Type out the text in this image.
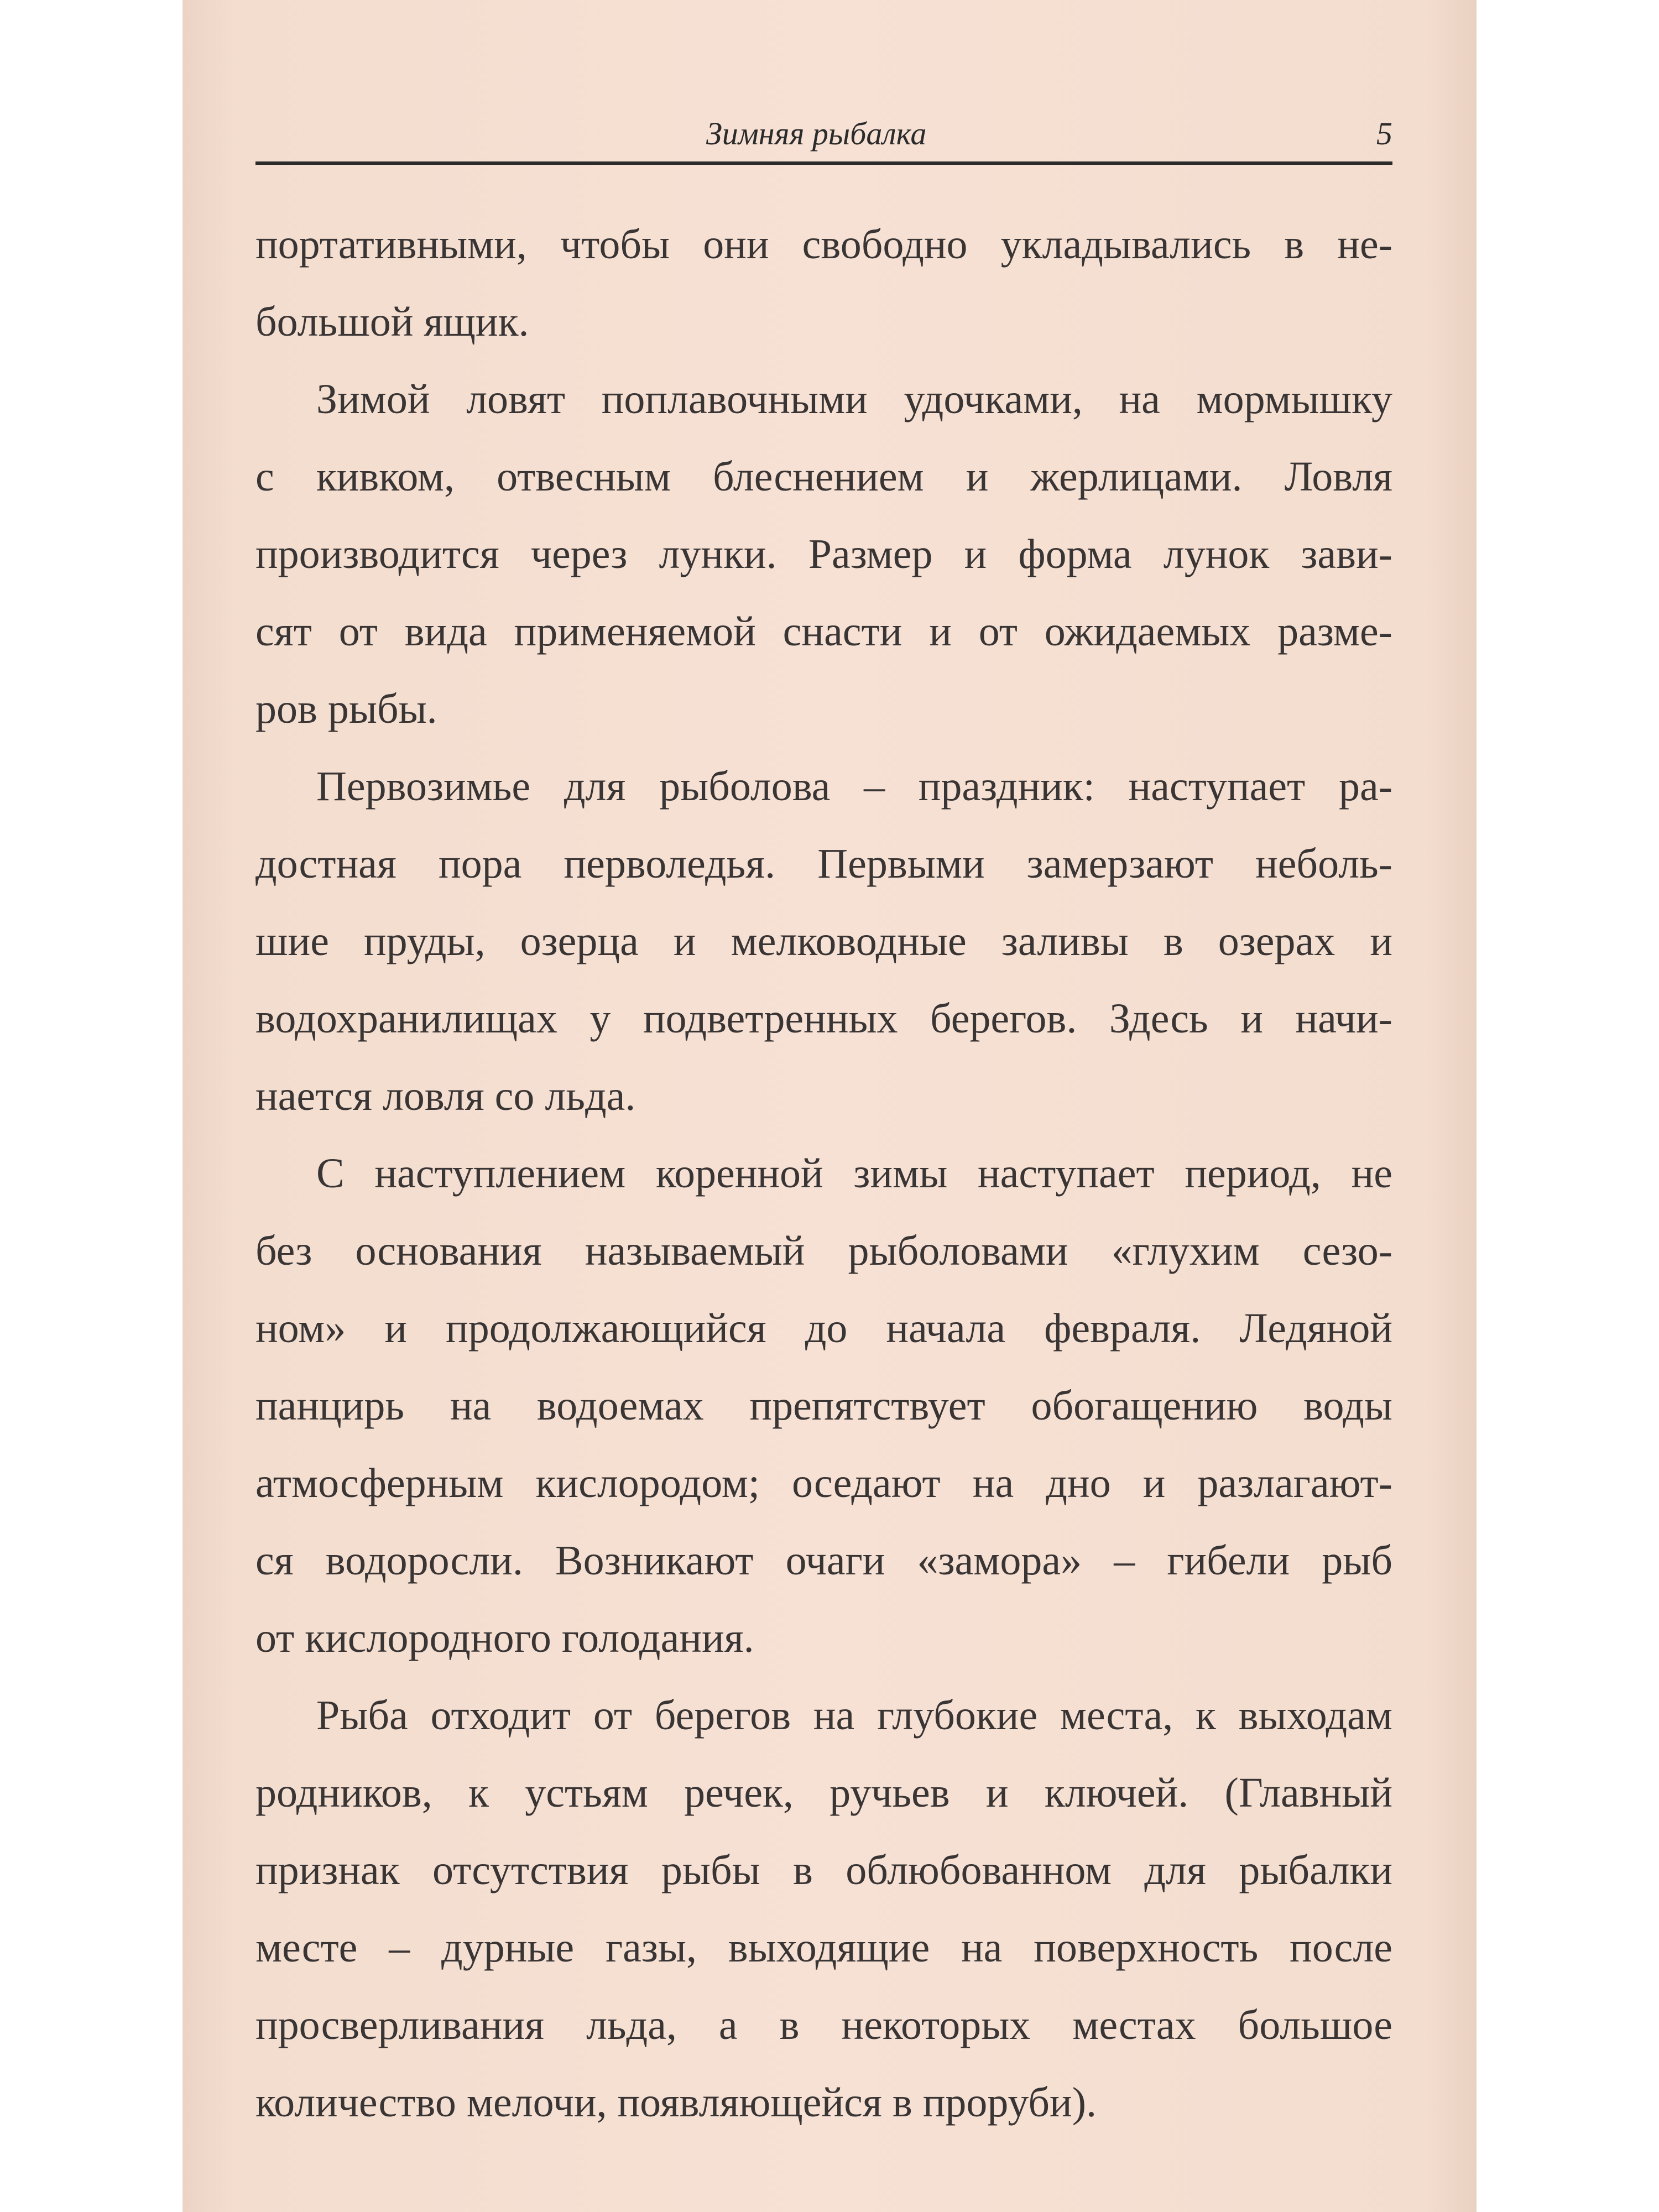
Зимняя рыбалка	5
портативными, чтобы они свободно укладывались в не-
большой ящик.
Зимой ловят поплавочными удочками, на мормышку
с кивком, отвесным блеснением и жерлицами. Ловля
производится через лунки. Размер и форма лунок зави-
сят от вида применяемой снасти и от ожидаемых разме-
ров рыбы.
Первозимье для рыболова – праздник: наступает ра-
достная пора перволедья. Первыми замерзают неболь-
шие пруды, озерца и мелководные заливы в озерах и
водохранилищах у подветренных берегов. Здесь и начи-
нается ловля со льда.
С наступлением коренной зимы наступает период, не
без основания называемый рыболовами «глухим сезо-
ном» и продолжающийся до начала февраля. Ледяной
панцирь на водоемах препятствует обогащению воды
атмосферным кислородом; оседают на дно и разлагают-
ся водоросли. Возникают очаги «замора» – гибели рыб
от кислородного голодания.
Рыба отходит от берегов на глубокие места, к выходам
родников, к устьям речек, ручьев и ключей. (Главный
признак отсутствия рыбы в облюбованном для рыбалки
месте – дурные газы, выходящие на поверхность после
просверливания льда, а в некоторых местах большое
количество мелочи, появляющейся в проруби).
